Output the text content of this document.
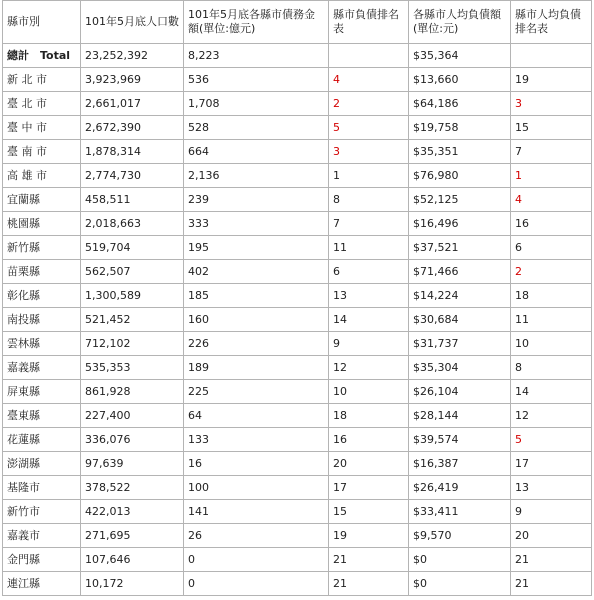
縣市別	101年5月底人口數	101年5月底各縣市債務金額(單位:億元)	縣市負債排名表	各縣市人均負債額(單位:元)	縣市人均負債排名表
總計　Total	23,252,392	8,223		$35,364	
新 北 市	3,923,969	536	4	$13,660	19
臺 北 市	2,661,017	1,708	2	$64,186	3
臺 中 市	2,672,390	528	5	$19,758	15
臺 南 市	1,878,314	664	3	$35,351	7
高 雄 市	2,774,730	2,136	1	$76,980	1
宜蘭縣	458,511	239	8	$52,125	4
桃園縣	2,018,663	333	7	$16,496	16
新竹縣	519,704	195	11	$37,521	6
苗栗縣	562,507	402	6	$71,466	2
彰化縣	1,300,589	185	13	$14,224	18
南投縣	521,452	160	14	$30,684	11
雲林縣	712,102	226	9	$31,737	10
嘉義縣	535,353	189	12	$35,304	8
屏東縣	861,928	225	10	$26,104	14
臺東縣	227,400	64	18	$28,144	12
花蓮縣	336,076	133	16	$39,574	5
澎湖縣	97,639	16	20	$16,387	17
基隆市	378,522	100	17	$26,419	13
新竹市	422,013	141	15	$33,411	9
嘉義市	271,695	26	19	$9,570	20
金門縣	107,646	0	21	$0	21
連江縣	10,172	0	21	$0	21
